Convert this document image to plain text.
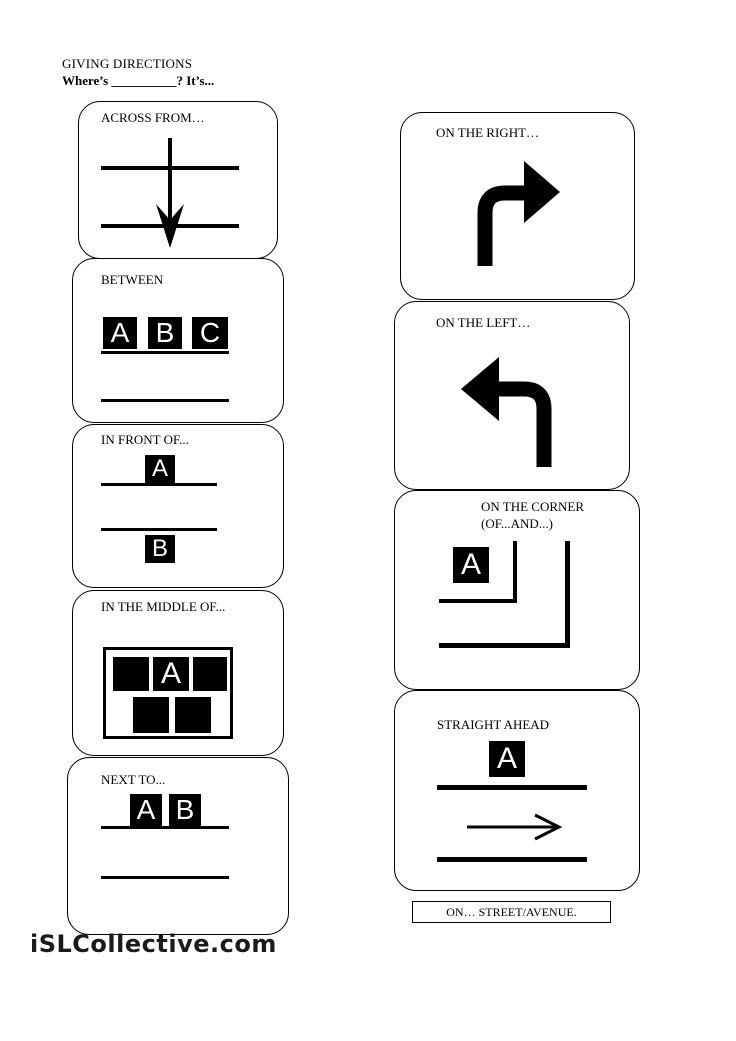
GIVING DIRECTIONS
Where’s __________? It’s...
ACROSS FROM…
BETWEEN
A B C
IN FRONT OF...
A
B
IN THE MIDDLE OF...
A
NEXT TO...
A B
ON THE RIGHT…
ON THE LEFT…
ON THE CORNER
(OF...AND...)
A
STRAIGHT AHEAD
A
ON… STREET/AVENUE.
iSLCollective.com
